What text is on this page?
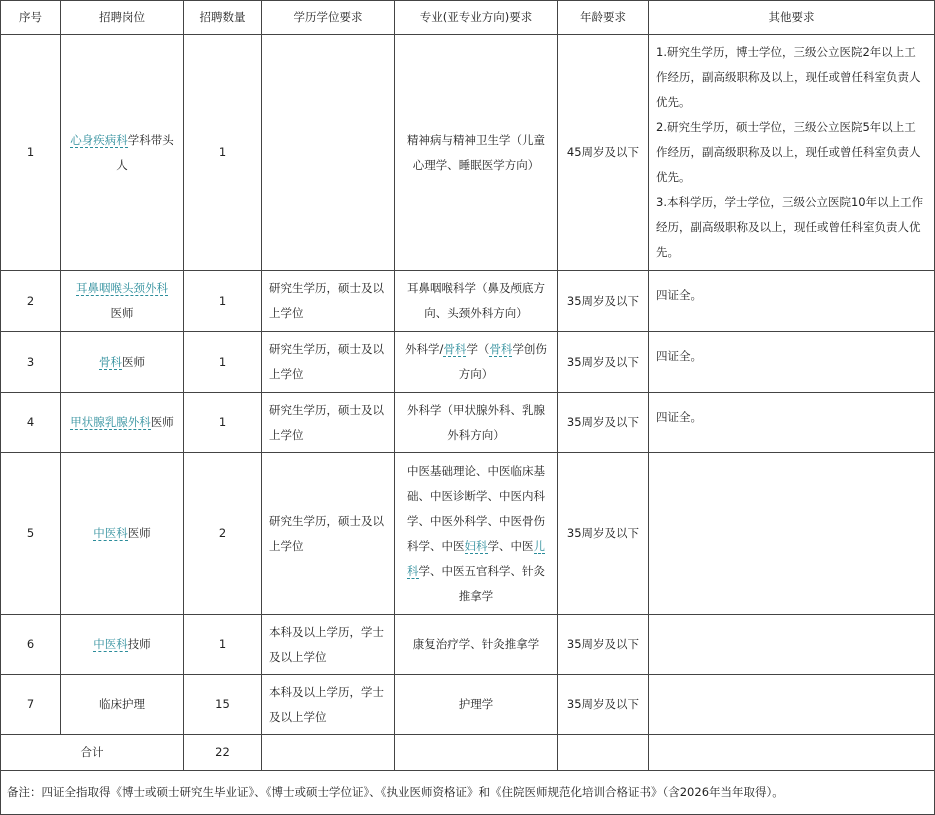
序号	招聘岗位	招聘数量	学历学位要求	专业(亚专业方向)要求	年龄要求	其他要求
1	心身疾病科学科带头人	1		精神病与精神卫生学（儿童心理学、睡眠医学方向）	45周岁及以下	1.研究生学历，博士学位，三级公立医院2年以上工作经历，副高级职称及以上，现任或曾任科室负责人优先。
2.研究生学历，硕士学位，三级公立医院5年以上工作经历，副高级职称及以上，现任或曾任科室负责人优先。
3.本科学历，学士学位，三级公立医院10年以上工作经历，副高级职称及以上，现任或曾任科室负责人优先。

2	耳鼻咽喉头颈外科
医师	1	研究生学历，硕士及以上学位	耳鼻咽喉科学（鼻及颅底方向、头颈外科方向）	35周岁及以下	四证全。
3	骨科医师	1	研究生学历，硕士及以上学位	外科学/骨科学（骨科学创伤方向）	35周岁及以下	四证全。
4	甲状腺乳腺外科医师	1	研究生学历，硕士及以上学位	外科学（甲状腺外科、乳腺外科方向）	35周岁及以下	四证全。
5	中医科医师	2	研究生学历，硕士及以上学位	中医基础理论、中医临床基础、中医诊断学、中医内科学、中医外科学、中医骨伤科学、中医妇科学、中医儿科学、中医五官科学、针灸推拿学	35周岁及以下	
6	中医科技师	1	本科及以上学历，学士及以上学位	康复治疗学、针灸推拿学	35周岁及以下	
7	临床护理	15	本科及以上学历，学士及以上学位	护理学	35周岁及以下	
合计		22				
备注：四证全指取得《博士或硕士研究生毕业证》、《博士或硕士学位证》、《执业医师资格证》和《住院医师规范化培训合格证书》（含2026年当年取得）。						
